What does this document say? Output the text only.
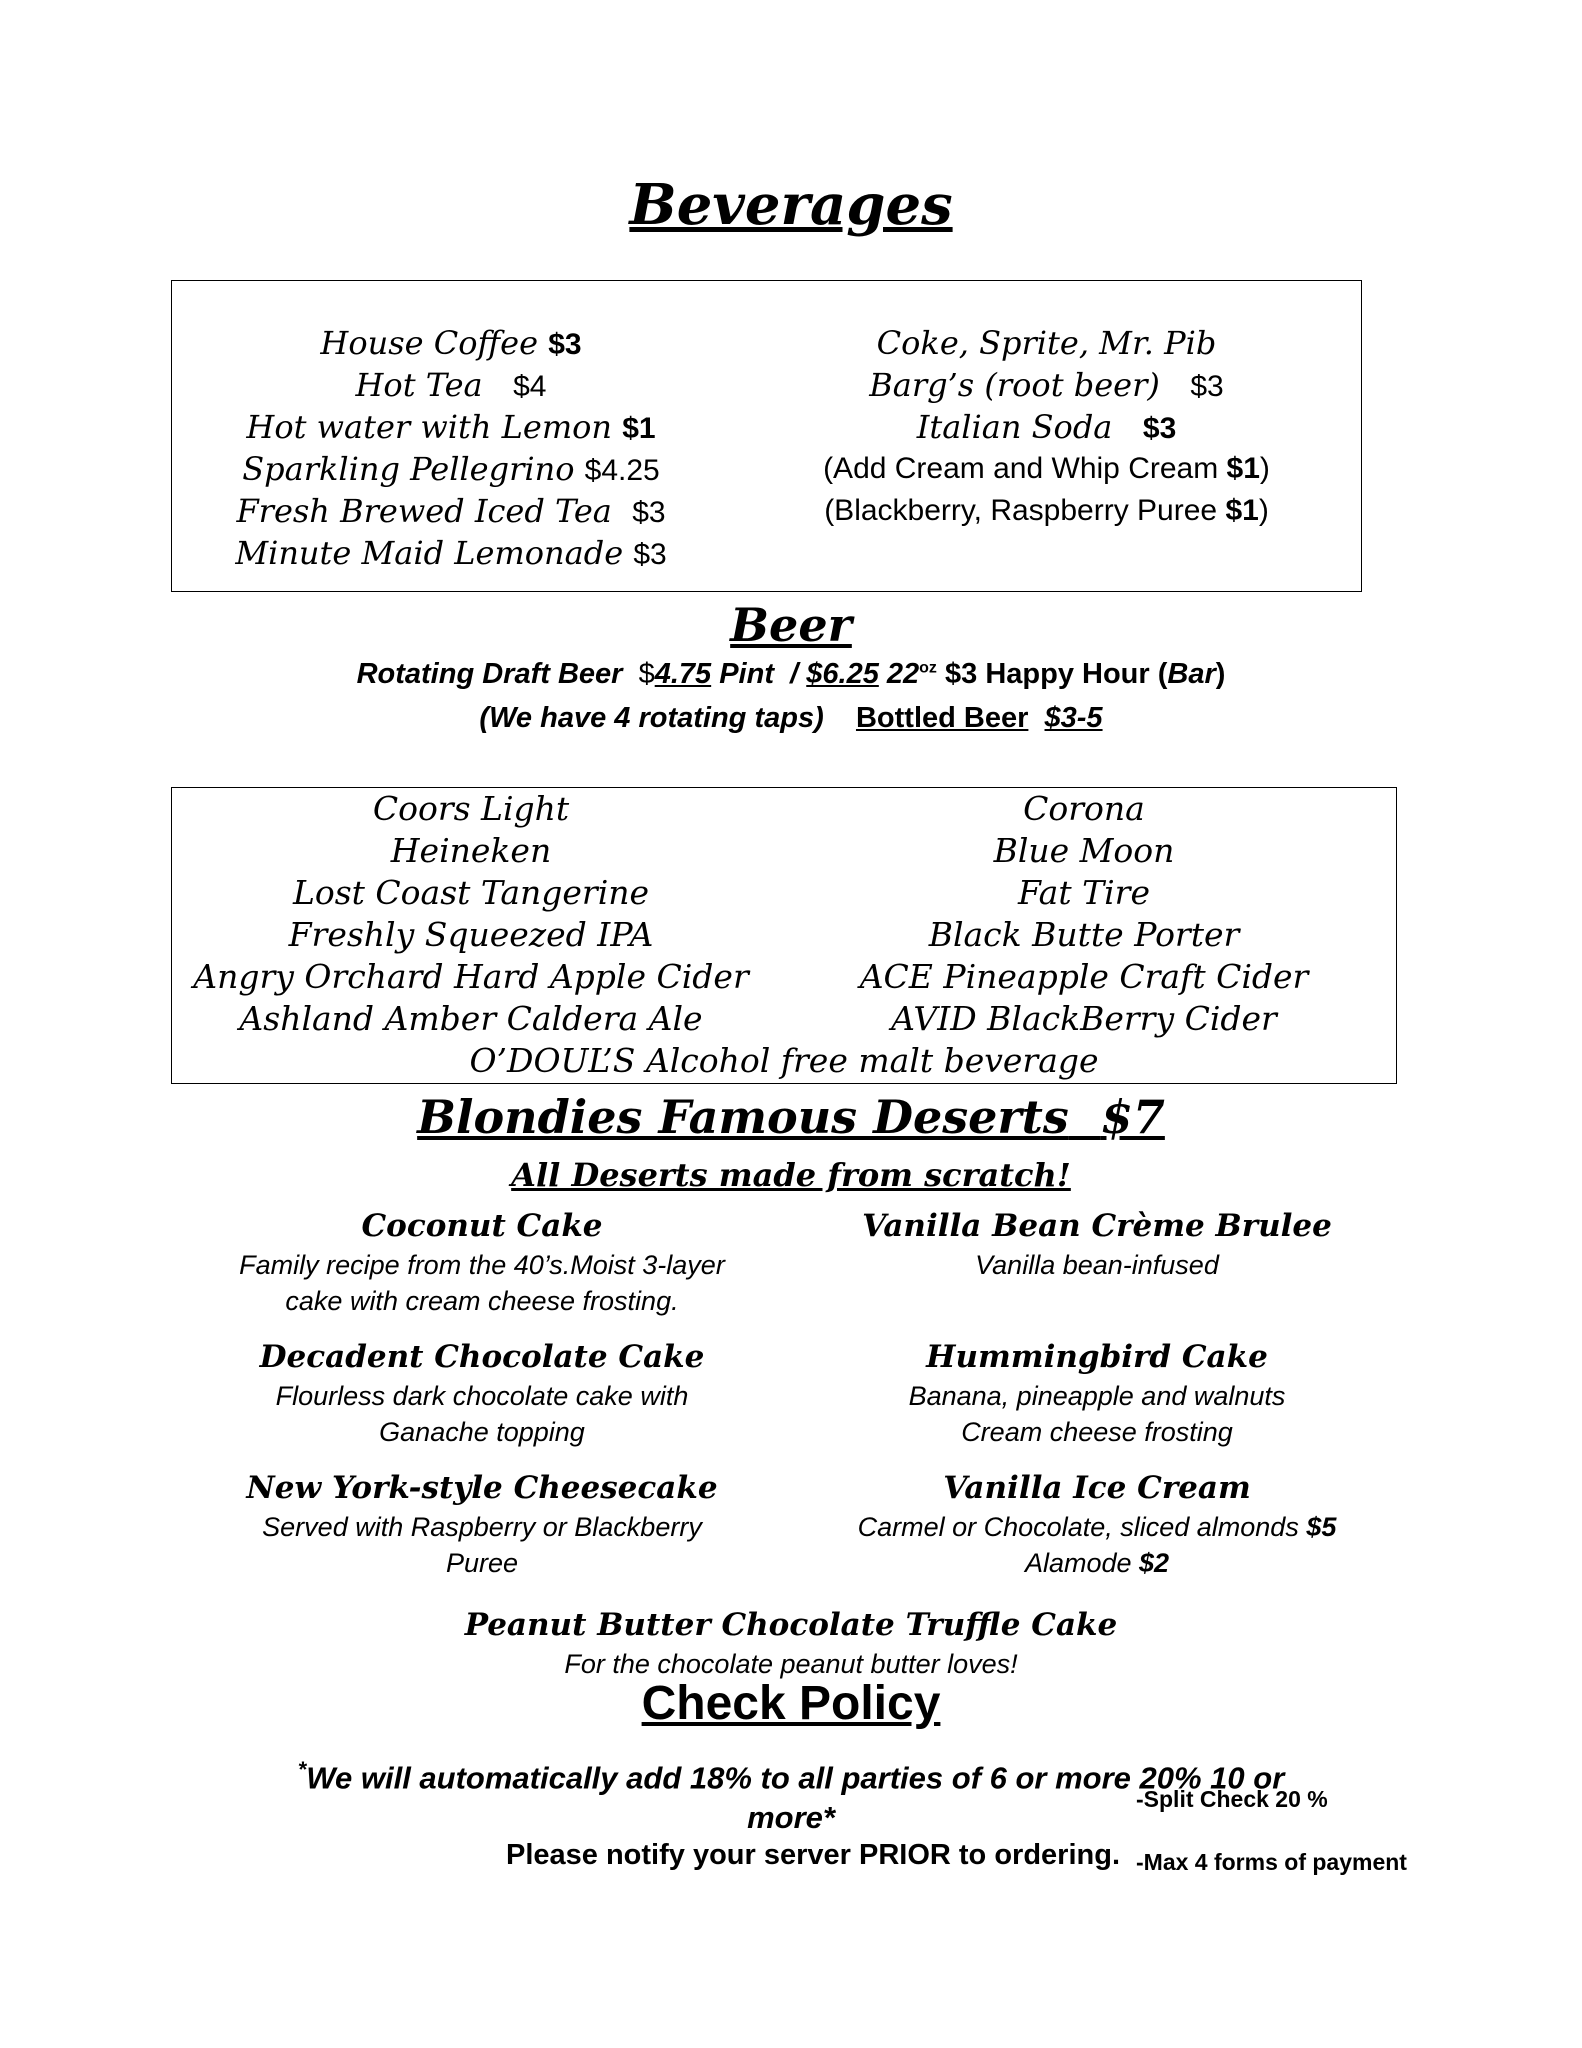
Beverages
House Coffee $3
Hot Tea $4
Hot water with Lemon $1
Sparkling Pellegrino $4.25
Fresh Brewed Iced Tea $3
Minute Maid Lemonade $3
Coke, Sprite, Mr. Pib
Barg’s (root beer) $3
Italian Soda $3
(Add Cream and Whip Cream $1)
(Blackberry, Raspberry Puree $1)
Beer
Rotating Draft Beer $4.75 Pint / $6.25 $22^{oz}$ $3 Happy Hour (Bar)
(We have 4 rotating taps) Bottled Beer $3-5
Coors Light
Heineken
Lost Coast Tangerine
Freshly Squeezed IPA
Angry Orchard Hard Apple Cider
Ashland Amber Caldera Ale
Corona
Blue Moon
Fat Tire
Black Butte Porter
ACE Pineapple Craft Cider
AVID BlackBerry Cider
O’DOUL’S Alcohol free malt beverage
Blondies Famous Deserts $7
All Deserts made from scratch!
Coconut Cake
Family recipe from the 40’s.Moist 3-layer
cake with cream cheese frosting.
Vanilla Bean Crème Brulee
Vanilla bean-infused
Decadent Chocolate Cake
Flourless dark chocolate cake with
Ganache topping
Hummingbird Cake
Banana, pineapple and walnuts
Cream cheese frosting
New York-style Cheesecake
Served with Raspberry or Blackberry
Puree
Vanilla Ice Cream
Carmel or Chocolate, sliced almonds $5
Alamode $2
Peanut Butter Chocolate Truffle Cake
For the chocolate peanut butter loves!
Check Policy
*We will automatically add 18% to all parties of 6 or more 20% 10 or
more*
-Split Check 20 %
Please notify your server PRIOR to ordering. -Max 4 forms of payment
